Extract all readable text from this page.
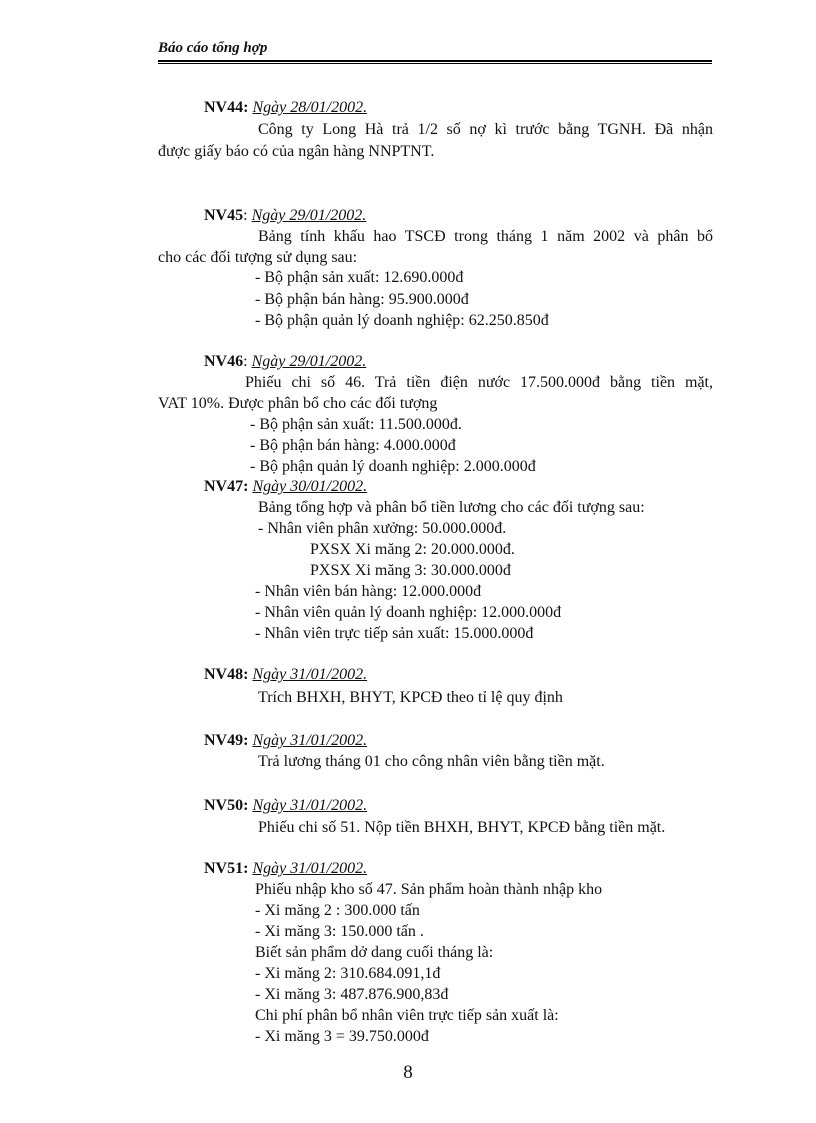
Báo cáo tổng hợp
NV44: Ngày 28/01/2002.
Công ty Long Hà trả 1/2 số nợ kì trước bằng TGNH. Đã nhận
được giấy báo có của ngân hàng NNPTNT.
NV45: Ngày 29/01/2002.
Bảng tính khấu hao TSCĐ trong tháng 1 năm 2002 và phân bổ
cho các đối tượng sử dụng sau:
- Bộ phận sản xuất: 12.690.000đ
- Bộ phận bán hàng: 95.900.000đ
- Bộ phận quản lý doanh nghiệp: 62.250.850đ
NV46: Ngày 29/01/2002.
Phiếu chi số 46. Trả tiền điện nước 17.500.000đ bằng tiền mặt,
VAT 10%. Được phân bổ cho các đối tượng
- Bộ phận sản xuất: 11.500.000đ.
- Bộ phận bán hàng: 4.000.000đ
- Bộ phận quản lý doanh nghiệp: 2.000.000đ
NV47: Ngày 30/01/2002.
Bảng tổng hợp và phân bổ tiền lương cho các đối tượng sau:
- Nhân viên phân xưởng: 50.000.000đ.
PXSX Xi măng 2: 20.000.000đ.
PXSX Xi măng 3: 30.000.000đ
- Nhân viên bán hàng: 12.000.000đ
- Nhân viên quản lý doanh nghiệp: 12.000.000đ
- Nhân viên trực tiếp sản xuất: 15.000.000đ
NV48: Ngày 31/01/2002.
Trích BHXH, BHYT, KPCĐ theo tỉ lệ quy định
NV49: Ngày 31/01/2002.
Trả lương tháng 01 cho công nhân viên bằng tiền mặt.
NV50: Ngày 31/01/2002.
Phiếu chi số 51. Nộp tiền BHXH, BHYT, KPCĐ bằng tiền mặt.
NV51: Ngày 31/01/2002.
Phiếu nhập kho số 47. Sản phẩm hoàn thành nhập kho
- Xi măng 2 : 300.000 tấn
- Xi măng 3: 150.000 tấn .
Biết sản phẩm dở dang cuối tháng là:
- Xi măng 2: 310.684.091,1đ
- Xi măng 3: 487.876.900,83đ
Chi phí phân bổ nhân viên trực tiếp sản xuất là:
- Xi măng 3 = 39.750.000đ
8
